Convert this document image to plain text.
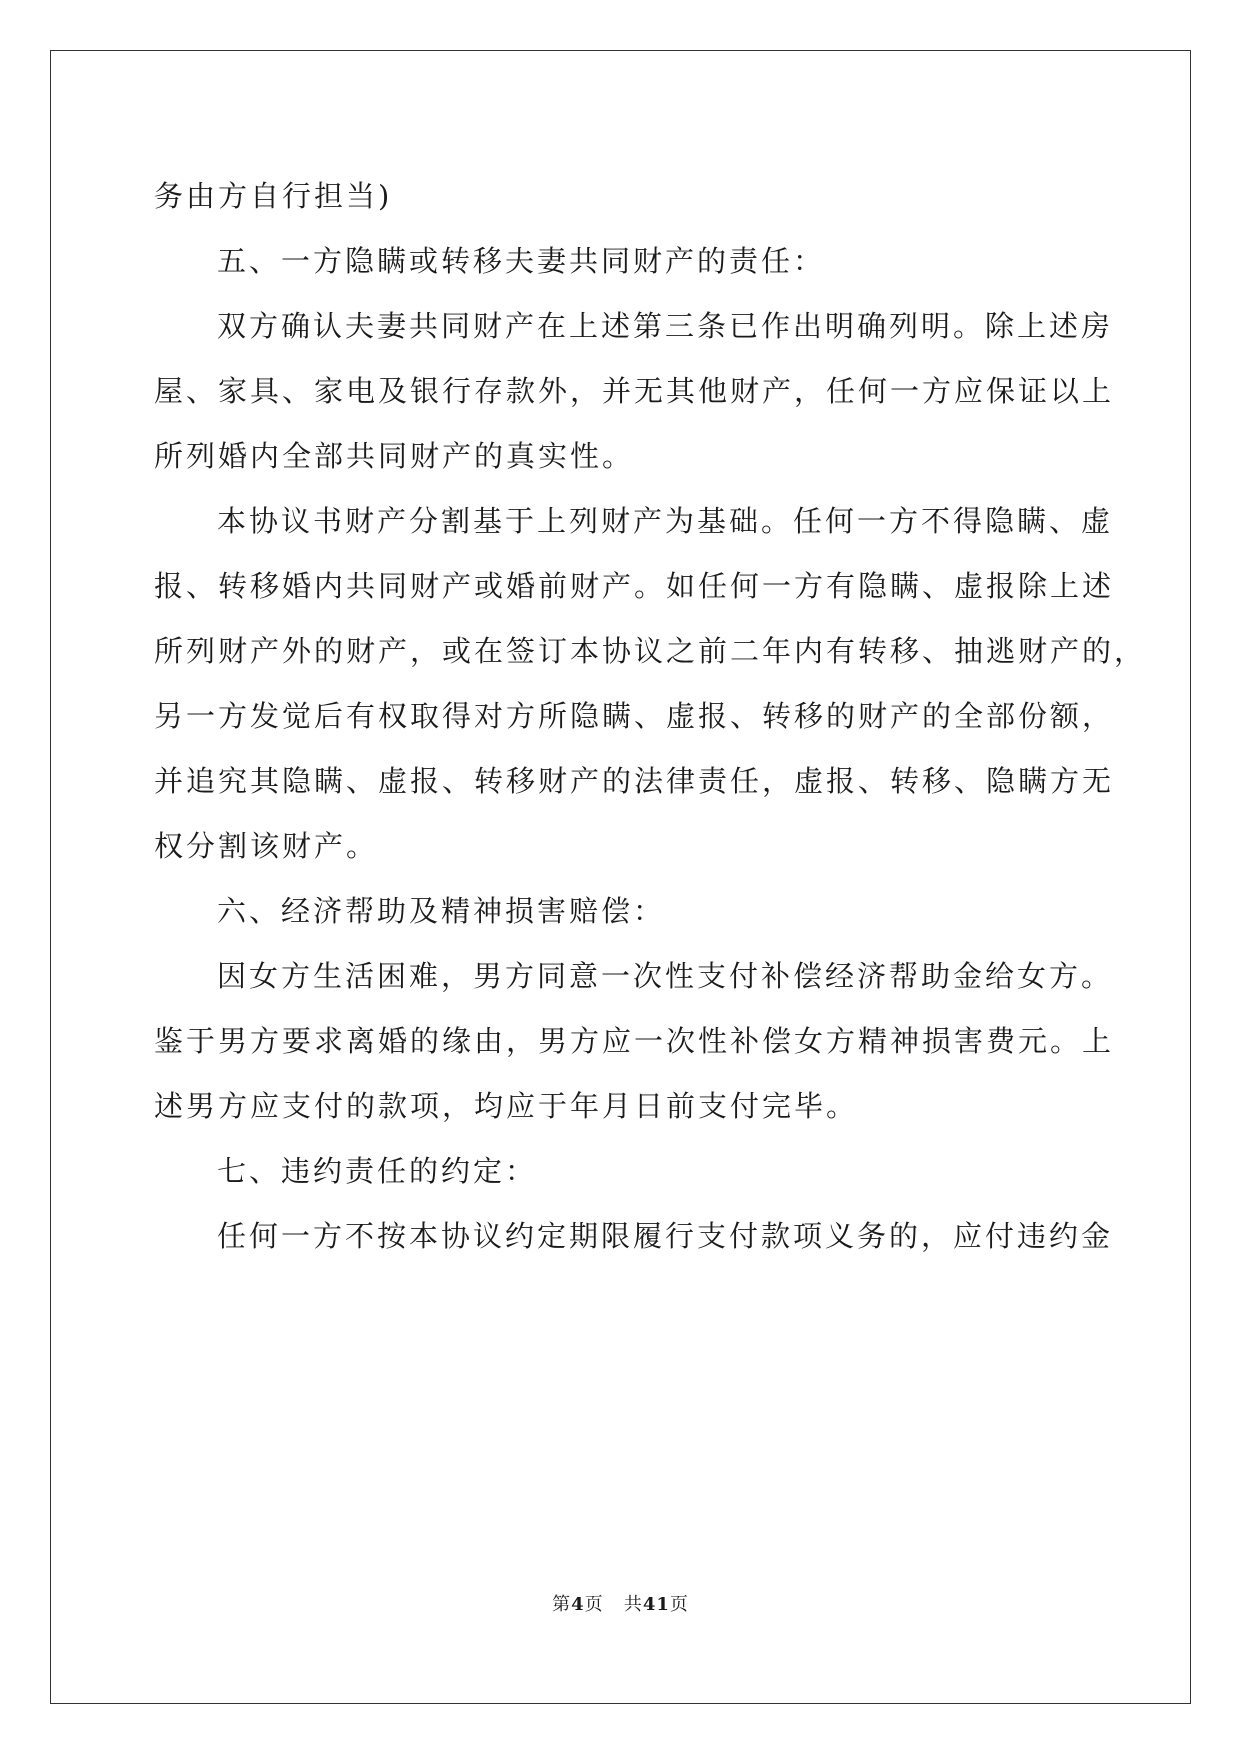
务由方自行担当)

五、一方隐瞒或转移夫妻共同财产的责任：

双方确认夫妻共同财产在上述第三条已作出明确列明。除上述房

屋、家具、家电及银行存款外，并无其他财产，任何一方应保证以上

所列婚内全部共同财产的真实性。

本协议书财产分割基于上列财产为基础。任何一方不得隐瞒、虚

报、转移婚内共同财产或婚前财产。如任何一方有隐瞒、虚报除上述

所列财产外的财产，或在签订本协议之前二年内有转移、抽逃财产的，

另一方发觉后有权取得对方所隐瞒、虚报、转移的财产的全部份额，

并追究其隐瞒、虚报、转移财产的法律责任，虚报、转移、隐瞒方无

权分割该财产。

六、经济帮助及精神损害赔偿：

因女方生活困难，男方同意一次性支付补偿经济帮助金给女方。

鉴于男方要求离婚的缘由，男方应一次性补偿女方精神损害费元。上

述男方应支付的款项，均应于年月日前支付完毕。

七、违约责任的约定：

任何一方不按本协议约定期限履行支付款项义务的，应付违约金

第4页 共41页
